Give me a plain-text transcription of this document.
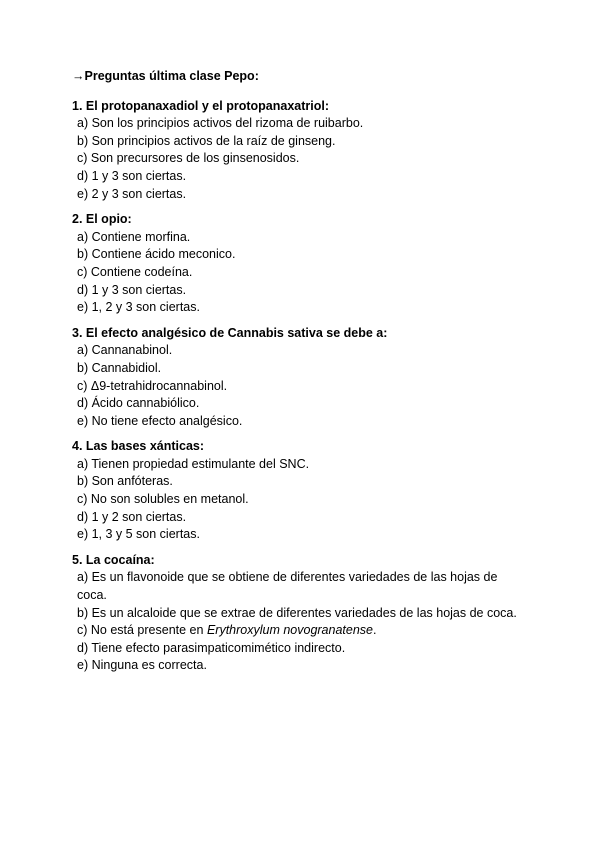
→Preguntas última clase Pepo:
1. El protopanaxadiol y el protopanaxatriol:
a) Son los principios activos del rizoma de ruibarbo.
b) Son principios activos de la raíz de ginseng.
c) Son precursores de los ginsenosidos.
d) 1 y 3 son ciertas.
e) 2 y 3 son ciertas.
2. El opio:
a) Contiene morfina.
b) Contiene ácido meconico.
c) Contiene codeína.
d) 1 y 3 son ciertas.
e) 1, 2 y 3 son ciertas.
3. El efecto analgésico de Cannabis sativa se debe a:
a) Cannanabinol.
b) Cannabidiol.
c) Δ9-tetrahidrocannabinol.
d) Ácido cannabiólico.
e) No tiene efecto analgésico.
4. Las bases xánticas:
a) Tienen propiedad estimulante del SNC.
b) Son anfóteras.
c) No son solubles en metanol.
d) 1 y 2 son ciertas.
e) 1, 3 y 5 son ciertas.
5. La cocaína:
a) Es un flavonoide que se obtiene de diferentes variedades de las hojas de coca.
b) Es un alcaloide que se extrae de diferentes variedades de las hojas de coca.
c) No está presente en Erythroxylum novogranatense.
d) Tiene efecto parasimpaticomimético indirecto.
e) Ninguna es correcta.
